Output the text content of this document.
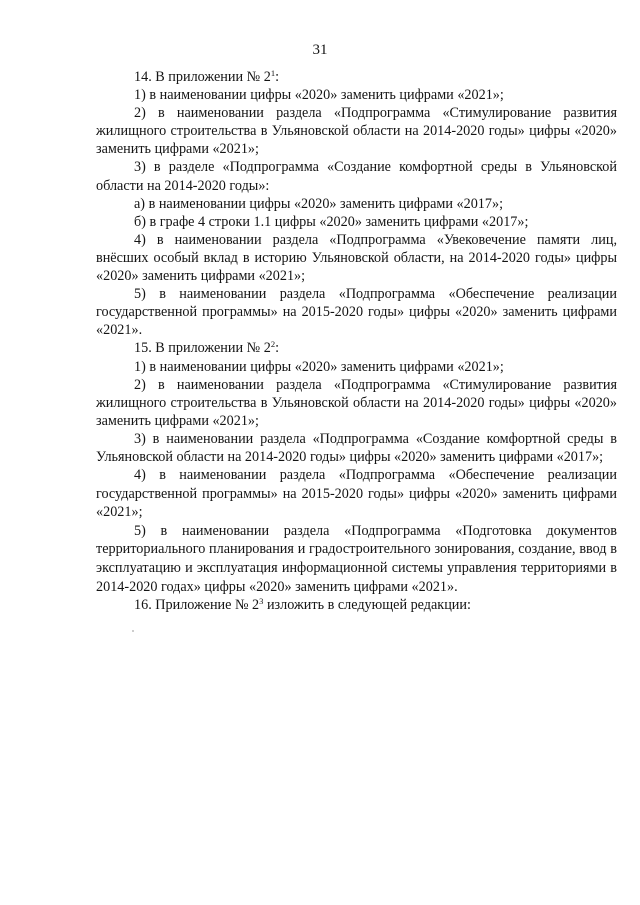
31

14. В приложении № $2^1$:

1) в наименовании цифры «2020» заменить цифрами «2021»;

2) в наименовании раздела «Подпрограмма «Стимулирование развития жилищного строительства в Ульяновской области на 2014-2020 годы» цифры «2020» заменить цифрами «2021»;

3) в разделе «Подпрограмма «Создание комфортной среды в Ульяновской области на 2014-2020 годы»:

а) в наименовании цифры «2020» заменить цифрами «2017»;

б) в графе 4 строки 1.1 цифры «2020» заменить цифрами «2017»;

4) в наименовании раздела «Подпрограмма «Увековечение памяти лиц, внёсших особый вклад в историю Ульяновской области, на 2014-2020 годы» цифры «2020» заменить цифрами «2021»;

5) в наименовании раздела «Подпрограмма «Обеспечение реализации государственной программы» на 2015-2020 годы» цифры «2020» заменить цифрами «2021».

15. В приложении № $2^2$:

1) в наименовании цифры «2020» заменить цифрами «2021»;

2) в наименовании раздела «Подпрограмма «Стимулирование развития жилищного строительства в Ульяновской области на 2014-2020 годы» цифры «2020» заменить цифрами «2021»;

3) в наименовании раздела «Подпрограмма «Создание комфортной среды в Ульяновской области на 2014-2020 годы» цифры «2020» заменить цифрами «2017»;

4) в наименовании раздела «Подпрограмма «Обеспечение реализации государственной программы» на 2015-2020 годы» цифры «2020» заменить цифрами «2021»;

5) в наименовании раздела «Подпрограмма «Подготовка документов территориального планирования и градостроительного зонирования, создание, ввод в эксплуатацию и эксплуатация информационной системы управления территориями в 2014-2020 годах» цифры «2020» заменить цифрами «2021».

16. Приложение № $2^3$ изложить в следующей редакции:
